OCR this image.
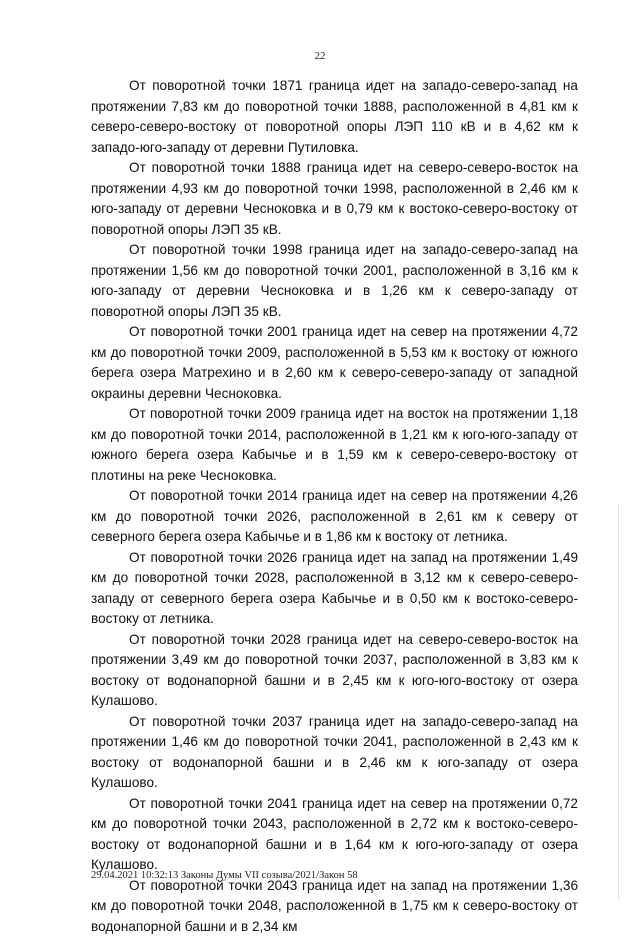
22

От поворотной точки 1871 граница идет на западо-северо-запад на протяжении 7,83 км до поворотной точки 1888, расположенной в 4,81 км к северо-северо-востоку от поворотной опоры ЛЭП 110 кВ и в 4,62 км к западо-юго-западу от деревни Путиловка.

От поворотной точки 1888 граница идет на северо-северо-восток на протяжении 4,93 км до поворотной точки 1998, расположенной в 2,46 км к юго-западу от деревни Чесноковка и в 0,79 км к востоко-северо-востоку от поворотной опоры ЛЭП 35 кВ.

От поворотной точки 1998 граница идет на западо-северо-запад на протяжении 1,56 км до поворотной точки 2001, расположенной в 3,16 км к юго-западу от деревни Чесноковка и в 1,26 км к северо-западу от поворотной опоры ЛЭП 35 кВ.

От поворотной точки 2001 граница идет на север на протяжении 4,72 км до поворотной точки 2009, расположенной в 5,53 км к востоку от южного берега озера Матрехино и в 2,60 км к северо-северо-западу от западной окраины деревни Чесноковка.

От поворотной точки 2009 граница идет на восток на протяжении 1,18 км до поворотной точки 2014, расположенной в 1,21 км к юго-юго-западу от южного берега озера Кабычье и в 1,59 км к северо-северо-востоку от плотины на реке Чесноковка.

От поворотной точки 2014 граница идет на север на протяжении 4,26 км до поворотной точки 2026, расположенной в 2,61 км к северу от северного берега озера Кабычье и в 1,86 км к востоку от летника.

От поворотной точки 2026 граница идет на запад на протяжении 1,49 км до поворотной точки 2028, расположенной в 3,12 км к северо-северо-западу от северного берега озера Кабычье и в 0,50 км к востоко-северо-востоку от летника.

От поворотной точки 2028 граница идет на северо-северо-восток на протяжении 3,49 км до поворотной точки 2037, расположенной в 3,83 км к востоку от водонапорной башни и в 2,45 км к юго-юго-востоку от озера Кулашово.

От поворотной точки 2037 граница идет на западо-северо-запад на протяжении 1,46 км до поворотной точки 2041, расположенной в 2,43 км к востоку от водонапорной башни и в 2,46 км к юго-западу от озера Кулашово.

От поворотной точки 2041 граница идет на север на протяжении 0,72 км до поворотной точки 2043, расположенной в 2,72 км к востоко-северо-востоку от водонапорной башни и в 1,64 км к юго-юго-западу от озера Кулашово.

От поворотной точки 2043 граница идет на запад на протяжении 1,36 км до поворотной точки 2048, расположенной в 1,75 км к северо-востоку от водонапорной башни и в 2,34 км

29.04.2021 10:32:13 Законы Думы VII созыва/2021/Закон 58
